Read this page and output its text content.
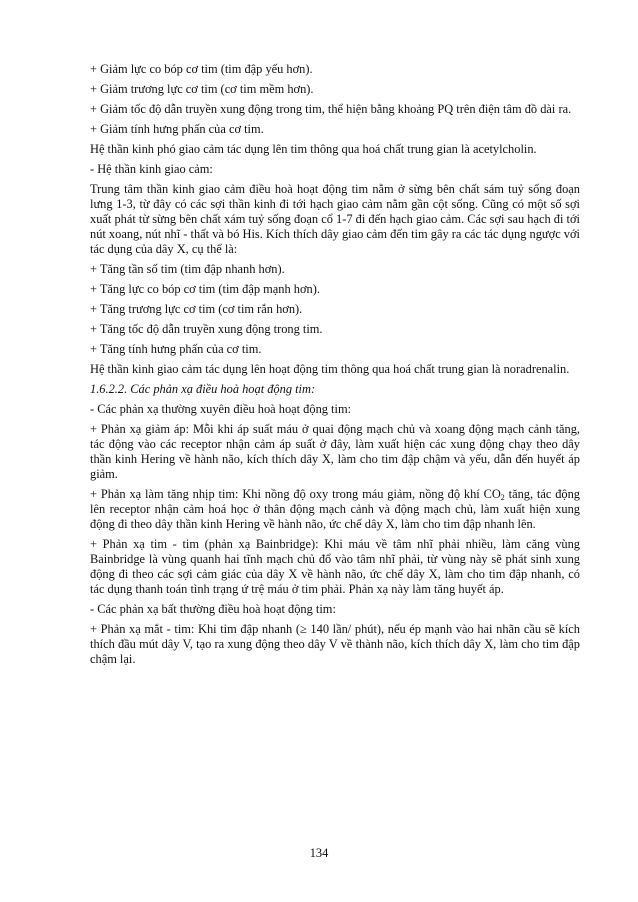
+ Giảm lực co bóp cơ tim (tim đập yếu hơn).

+ Giảm trương lực cơ tim (cơ tim mềm hơn).

+ Giảm tốc độ dẫn truyền xung động trong tim, thể hiện bằng khoảng PQ trên điện tâm đồ dài ra.

+ Giảm tính hưng phấn của cơ tim.

Hệ thần kinh phó giao cảm tác dụng lên tim thông qua hoá chất trung gian là acetylcholin.

- Hệ thần kinh giao cảm:

Trung tâm thần kinh giao cảm điều hoà hoạt động tim nằm ở sừng bên chất sám tuỷ sống đoạn lưng 1-3, từ đây có các sợi thần kinh đi tới hạch giao cảm nằm gần cột sống. Cũng có một số sợi xuất phát từ sừng bên chất xám tuỷ sống đoạn cổ 1-7 đi đến hạch giao cảm. Các sợi sau hạch đi tới nút xoang, nút nhĩ - thất và bó His. Kích thích dây giao cảm đến tim gây ra các tác dụng ngược với tác dụng của dây X, cụ thể là:

+ Tăng tần số tim (tim đập nhanh hơn).

+ Tăng lực co bóp cơ tim (tim đập mạnh hơn).

+ Tăng trương lực cơ tim (cơ tim rắn hơn).

+ Tăng tốc độ dẫn truyền xung động trong tim.

+ Tăng tính hưng phấn của cơ tim.

Hệ thần kinh giao cảm tác dụng lên hoạt động tim thông qua hoá chất trung gian là noradrenalin.

1.6.2.2. Các phản xạ điều hoà hoạt động tim:

- Các phản xạ thường xuyên điều hoà hoạt động tim:

+ Phản xạ giảm áp: Mỗi khi áp suất máu ở quai động mạch chủ và xoang động mạch cảnh tăng, tác động vào các receptor nhận cảm áp suất ở đây, làm xuất hiện các xung động chạy theo dây thần kinh Hering về hành não, kích thích dây X, làm cho tim đập chậm và yếu, dẫn đến huyết áp giảm.

+ Phản xạ làm tăng nhịp tim: Khi nồng độ oxy trong máu giảm, nồng độ khí $CO_2$ tăng, tác động lên receptor nhận cảm hoá học ở thân động mạch cảnh và động mạch chủ, làm xuất hiện xung động đi theo dây thần kinh Hering về hành não, ức chế dây X, làm cho tim đập nhanh lên.

+ Phản xạ tim - tim (phản xạ Bainbridge): Khi máu về tâm nhĩ phải nhiều, làm căng vùng Bainbridge là vùng quanh hai tĩnh mạch chủ đổ vào tâm nhĩ phải, từ vùng này sẽ phát sinh xung động đi theo các sợi cảm giác của dây X về hành não, ức chế dây X, làm cho tim đập nhanh, có tác dụng thanh toán tình trạng ứ trệ máu ở tim phải. Phản xạ này làm tăng huyết áp.

- Các phản xạ bất thường điều hoà hoạt động tim:

+ Phản xạ mắt - tim: Khi tim đập nhanh (≥ 140 lần/ phút), nếu ép mạnh vào hai nhãn cầu sẽ kích thích đầu mút dây V, tạo ra xung động theo dây V về thành não, kích thích dây X, làm cho tim đập chậm lại.

134
